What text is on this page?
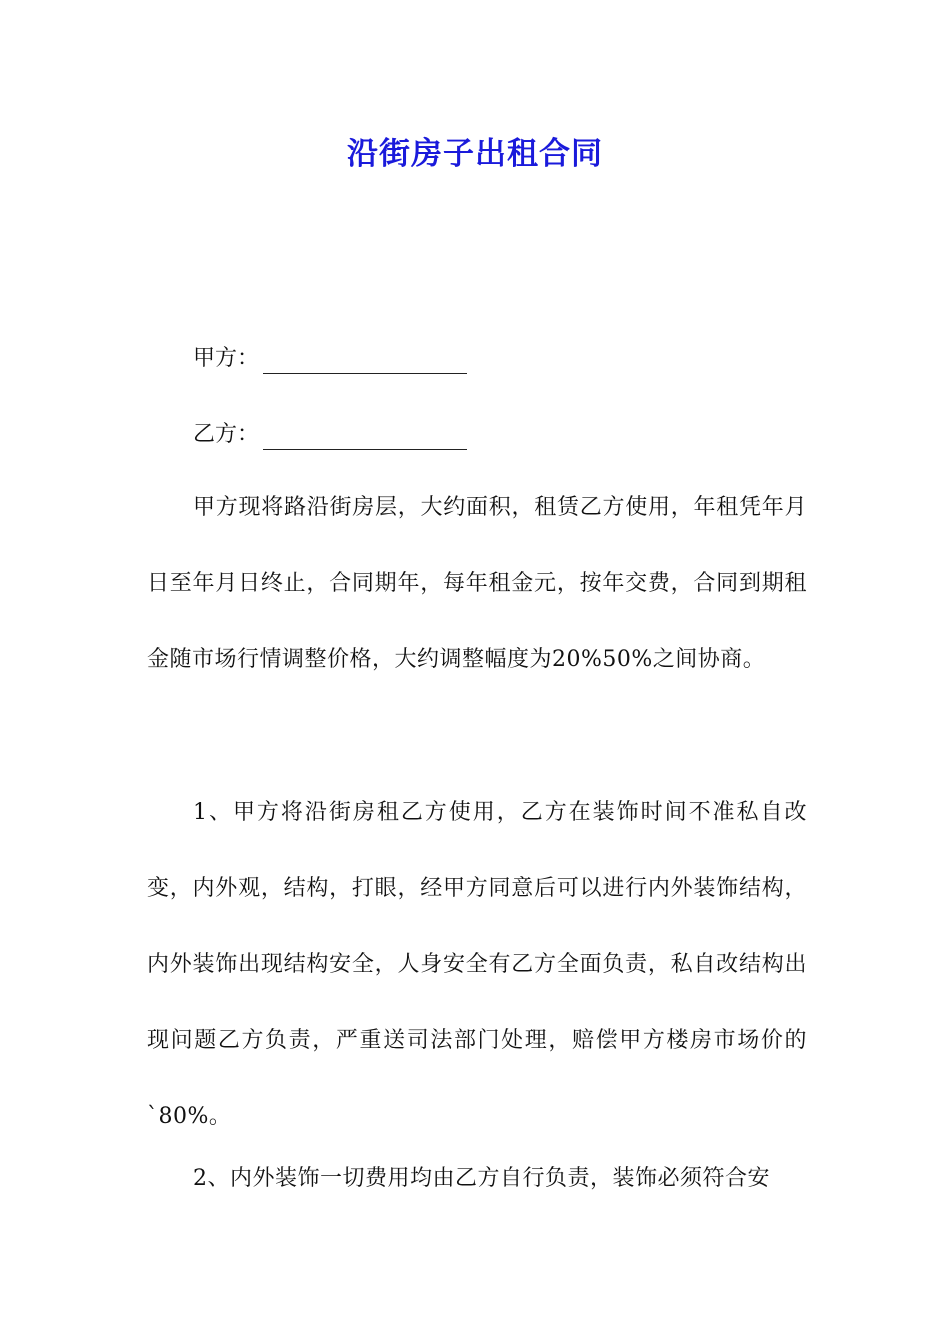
沿街房子出租合同
甲方：
乙方：
甲方现将路沿街房层，大约面积，租赁乙方使用，年租凭年月日至年月日终止，合同期年，每年租金元，按年交费，合同到期租金随市场行情调整价格，大约调整幅度为20%50%之间协商。
1、甲方将沿街房租乙方使用，乙方在装饰时间不准私自改变，内外观，结构，打眼，经甲方同意后可以进行内外装饰结构，内外装饰出现结构安全，人身安全有乙方全面负责，私自改结构出现问题乙方负责，严重送司法部门处理，赔偿甲方楼房市场价的`80%。
2、内外装饰一切费用均由乙方自行负责，装饰必须符合安
